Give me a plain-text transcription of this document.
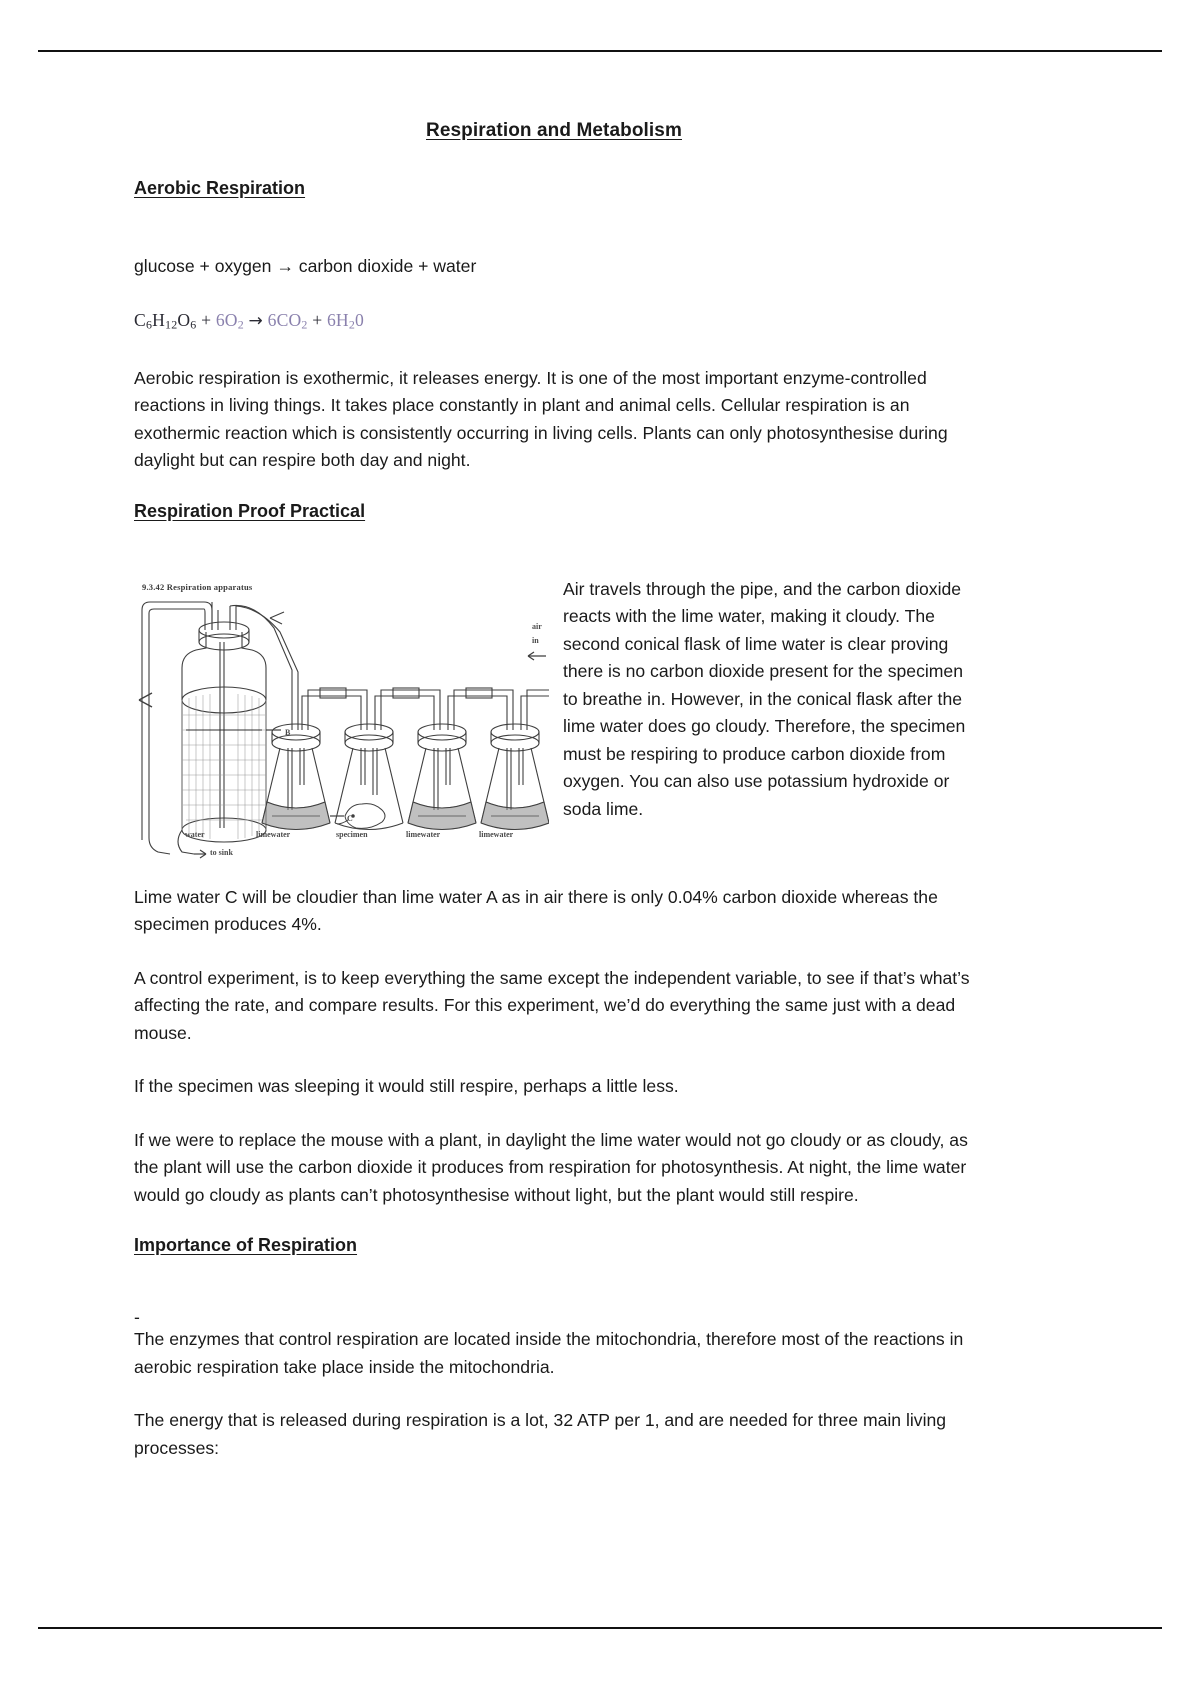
Respiration and Metabolism
Aerobic Respiration

glucose + oxygen → carbon dioxide + water

$C_6H_{12}O_6 + 6O_2 \to 6CO_2 + 6H_20$

Aerobic respiration is exothermic, it releases energy. It is one of the most important enzyme-controlled reactions in living things. It takes place constantly in plant and animal cells. Cellular respiration is an exothermic reaction which is consistently occurring in living cells. Plants can only photosynthesise during daylight but can respire both day and night.

Respiration Proof Practical
9.3.42 Respiration apparatus
B
C
water	limewater	specimen	limewater	limewater
to sink
air
in

Air travels through the pipe, and the carbon dioxide reacts with the lime water, making it cloudy. The second conical flask of lime water is clear proving there is no carbon dioxide present for the specimen to breathe in. However, in the conical flask after the lime water does go cloudy. Therefore, the specimen must be respiring to produce carbon dioxide from oxygen. You can also use potassium hydroxide or soda lime.

Lime water C will be cloudier than lime water A as in air there is only 0.04% carbon dioxide whereas the specimen produces 4%.

A control experiment, is to keep everything the same except the independent variable, to see if that’s what’s affecting the rate, and compare results. For this experiment, we’d do everything the same just with a dead mouse.

If the specimen was sleeping it would still respire, perhaps a little less.

If we were to replace the mouse with a plant, in daylight the lime water would not go cloudy or as cloudy, as the plant will use the carbon dioxide it produces from respiration for photosynthesis. At night, the lime water would go cloudy as plants can’t photosynthesise without light, but the plant would still respire.

Importance of Respiration

-

The enzymes that control respiration are located inside the mitochondria, therefore most of the reactions in aerobic respiration take place inside the mitochondria.

The energy that is released during respiration is a lot, 32 ATP per 1, and are needed for three main living processes:
